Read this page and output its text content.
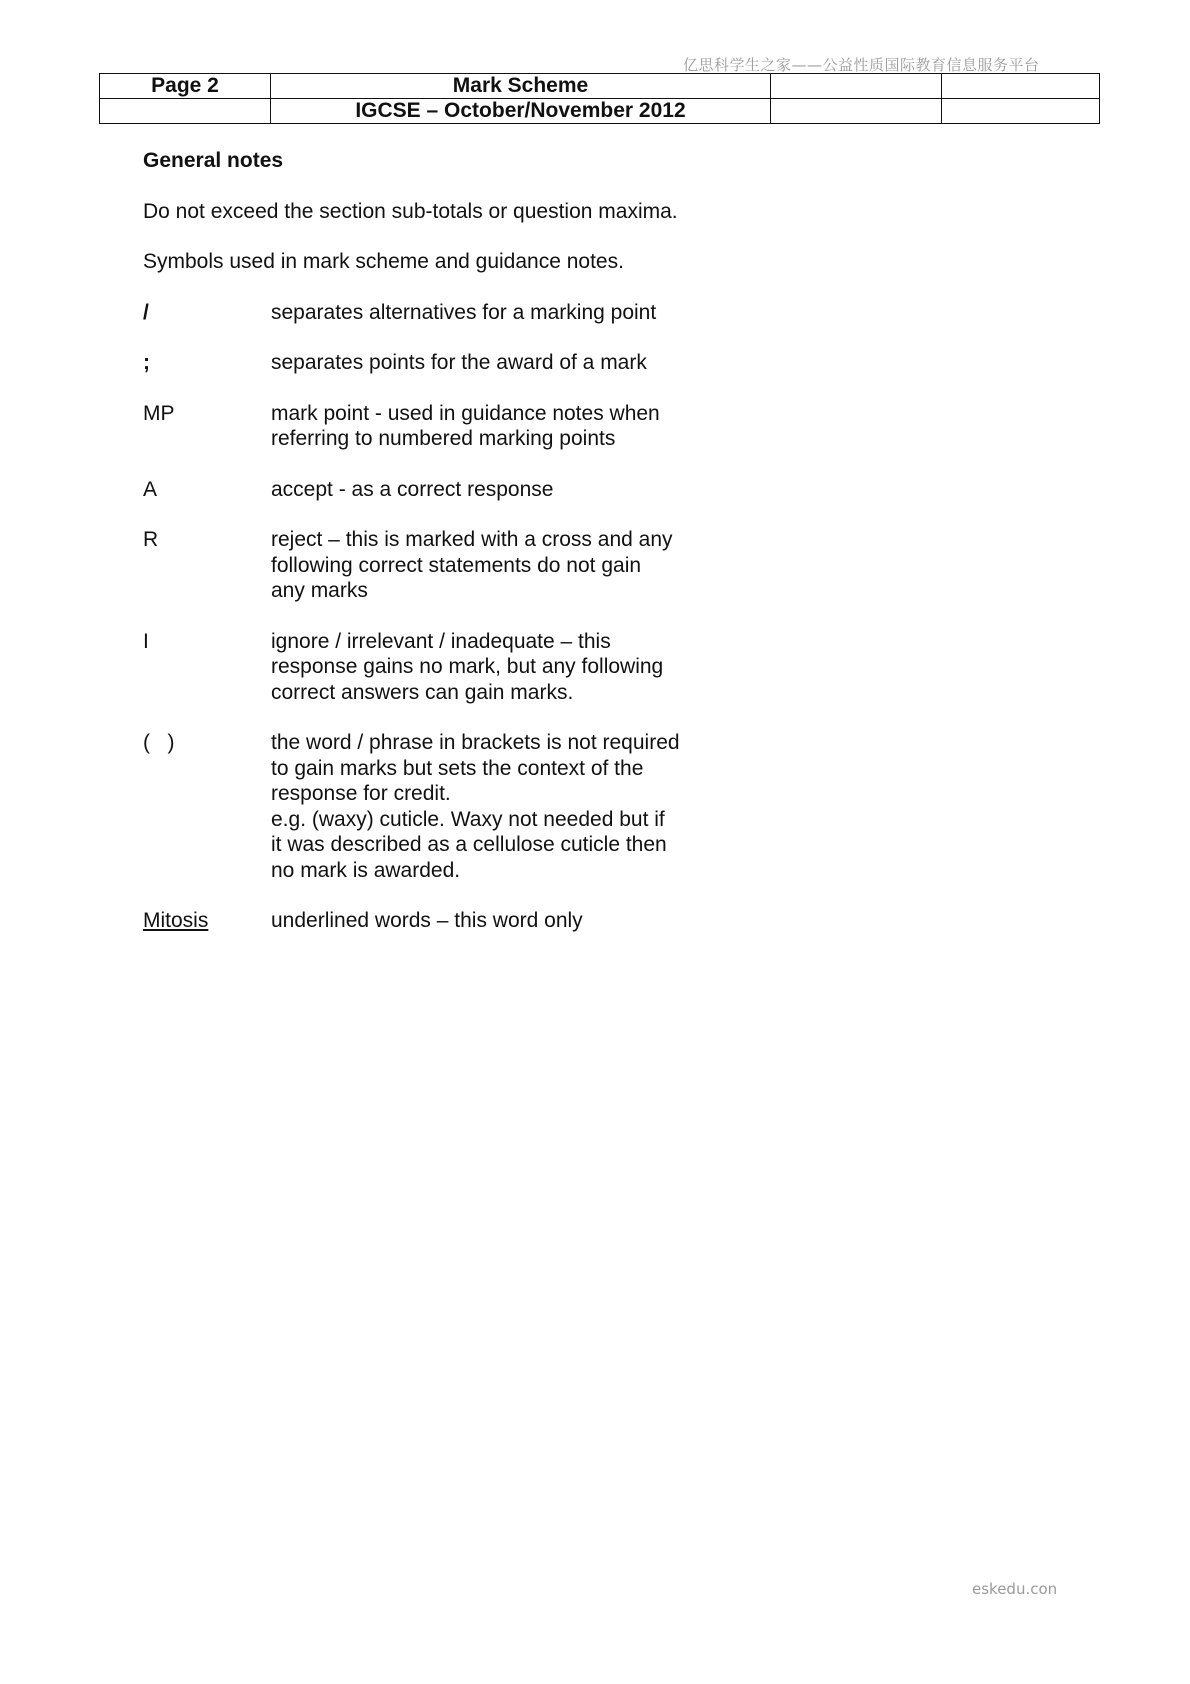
亿思科学生之家——公益性质国际教育信息服务平台
Page 2	Mark Scheme		
	IGCSE – October/November 2012		
General notes
Do not exceed the section sub-totals or question maxima.
Symbols used in mark scheme and guidance notes.
/	separates alternatives for a marking point
;	separates points for the award of a mark
MP	mark point - used in guidance notes when
referring to numbered marking points
A	accept - as a correct response
R	reject – this is marked with a cross and any
following correct statements do not gain
any marks
I	ignore / irrelevant / inadequate – this
response gains no mark, but any following
correct answers can gain marks.
(   )	the word / phrase in brackets is not required
to gain marks but sets the context of the
response for credit.
e.g. (waxy) cuticle. Waxy not needed but if
it was described as a cellulose cuticle then
no mark is awarded.
Mitosis	underlined words – this word only
eskedu.con
